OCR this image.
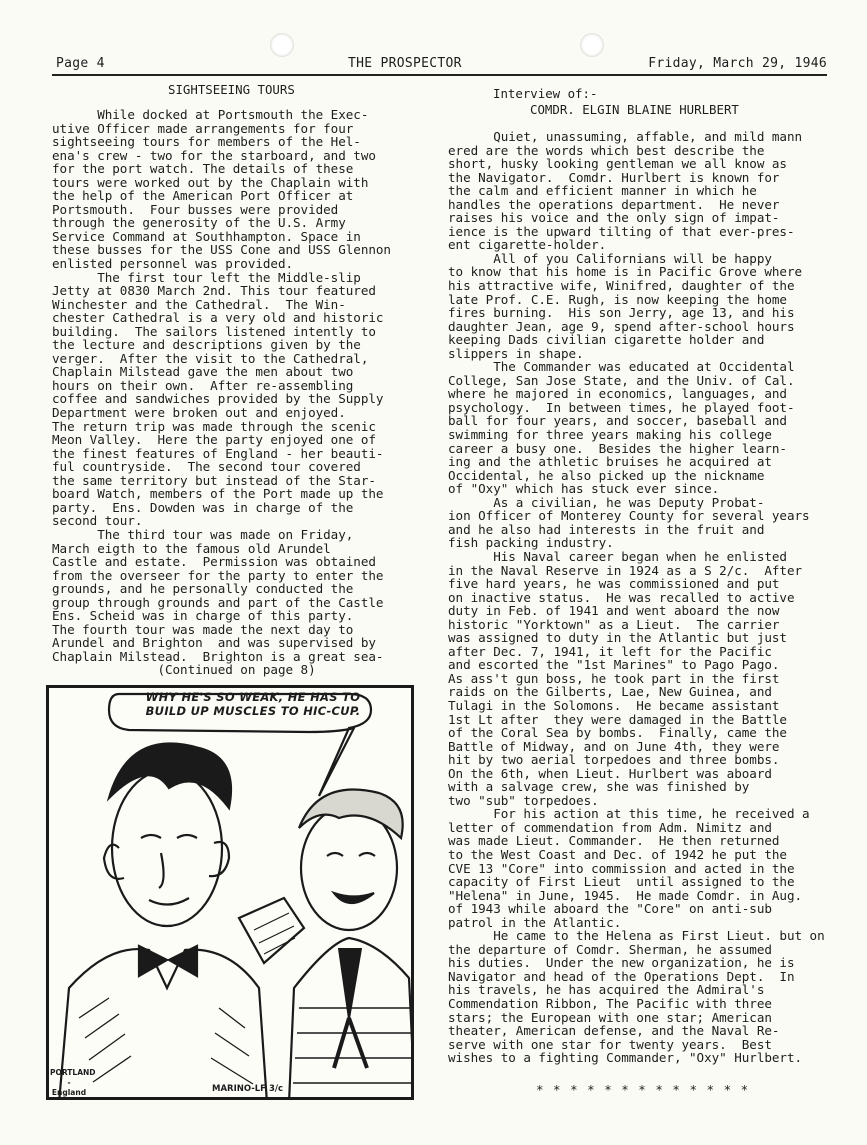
Page 4	THE PROSPECTOR	Friday, March 29, 1946
SIGHTSEEING TOURS
While docked at Portsmouth the Exec-
utive Officer made arrangements for four
sightseeing tours for members of the Hel-
ena's crew - two for the starboard, and two
for the port watch. The details of these
tours were worked out by the Chaplain with
the help of the American Port Officer at
Portsmouth.  Four busses were provided
through the generosity of the U.S. Army
Service Command at Southhampton. Space in
these busses for the USS Cone and USS Glennon
enlisted personnel was provided.
The first tour left the Middle-slip
Jetty at 0830 March 2nd. This tour featured
Winchester and the Cathedral.  The Win-
chester Cathedral is a very old and historic
building.  The sailors listened intently to
the lecture and descriptions given by the
verger.  After the visit to the Cathedral,
Chaplain Milstead gave the men about two
hours on their own.  After re-assembling
coffee and sandwiches provided by the Supply
Department were broken out and enjoyed.
The return trip was made through the scenic
Meon Valley.  Here the party enjoyed one of
the finest features of England - her beauti-
ful countryside.  The second tour covered
the same territory but instead of the Star-
board Watch, members of the Port made up the
party.  Ens. Dowden was in charge of the
second tour.
The third tour was made on Friday,
March eigth to the famous old Arundel
Castle and estate.  Permission was obtained
from the overseer for the party to enter the
grounds, and he personally conducted the
group through grounds and part of the Castle
Ens. Scheid was in charge of this party.
The fourth tour was made the next day to
Arundel and Brighton  and was supervised by
Chaplain Milstead.  Brighton is a great sea-
(Continued on page 8)
WHY HE'S SO WEAK, HE HAS TO BUILD UP MUSCLES TO HIC-CUP.
PORTLAND - England	MARINO-LF 3/c
Interview of:-
COMDR. ELGIN BLAINE HURLBERT
Quiet, unassuming, affable, and mild mann
ered are the words which best describe the
short, husky looking gentleman we all know as
the Navigator.  Comdr. Hurlbert is known for
the calm and efficient manner in which he
handles the operations department.  He never
raises his voice and the only sign of impat-
ience is the upward tilting of that ever-pres-
ent cigarette-holder.
All of you Californians will be happy
to know that his home is in Pacific Grove where
his attractive wife, Winifred, daughter of the
late Prof. C.E. Rugh, is now keeping the home
fires burning.  His son Jerry, age 13, and his
daughter Jean, age 9, spend after-school hours
keeping Dads civilian cigarette holder and
slippers in shape.
The Commander was educated at Occidental
College, San Jose State, and the Univ. of Cal.
where he majored in economics, languages, and
psychology.  In between times, he played foot-
ball for four years, and soccer, baseball and
swimming for three years making his college
career a busy one.  Besides the higher learn-
ing and the athletic bruises he acquired at
Occidental, he also picked up the nickname
of "Oxy" which has stuck ever since.
As a civilian, he was Deputy Probat-
ion Officer of Monterey County for several years
and he also had interests in the fruit and
fish packing industry.
His Naval career began when he enlisted
in the Naval Reserve in 1924 as a S 2/c.  After
five hard years, he was commissioned and put
on inactive status.  He was recalled to active
duty in Feb. of 1941 and went aboard the now
historic "Yorktown" as a Lieut.  The carrier
was assigned to duty in the Atlantic but just
after Dec. 7, 1941, it left for the Pacific
and escorted the "1st Marines" to Pago Pago.
As ass't gun boss, he took part in the first
raids on the Gilberts, Lae, New Guinea, and
Tulagi in the Solomons.  He became assistant
1st Lt after  they were damaged in the Battle
of the Coral Sea by bombs.  Finally, came the
Battle of Midway, and on June 4th, they were
hit by two aerial torpedoes and three bombs.
On the 6th, when Lieut. Hurlbert was aboard
with a salvage crew, she was finished by
two "sub" torpedoes.
For his action at this time, he received a
letter of commendation from Adm. Nimitz and
was made Lieut. Commander.  He then returned
to the West Coast and Dec. of 1942 he put the
CVE 13 "Core" into commission and acted in the
capacity of First Lieut  until assigned to the
"Helena" in June, 1945.  He made Comdr. in Aug.
of 1943 while aboard the "Core" on anti-sub
patrol in the Atlantic.
He came to the Helena as First Lieut. but on
the departure of Comdr. Sherman, he assumed
his duties.  Under the new organization, he is
Navigator and head of the Operations Dept.  In
his travels, he has acquired the Admiral's
Commendation Ribbon, The Pacific with three
stars; the European with one star; American
theater, American defense, and the Naval Re-
serve with one star for twenty years.  Best
wishes to a fighting Commander, "Oxy" Hurlbert.
* * * * * * * * * * * * *
